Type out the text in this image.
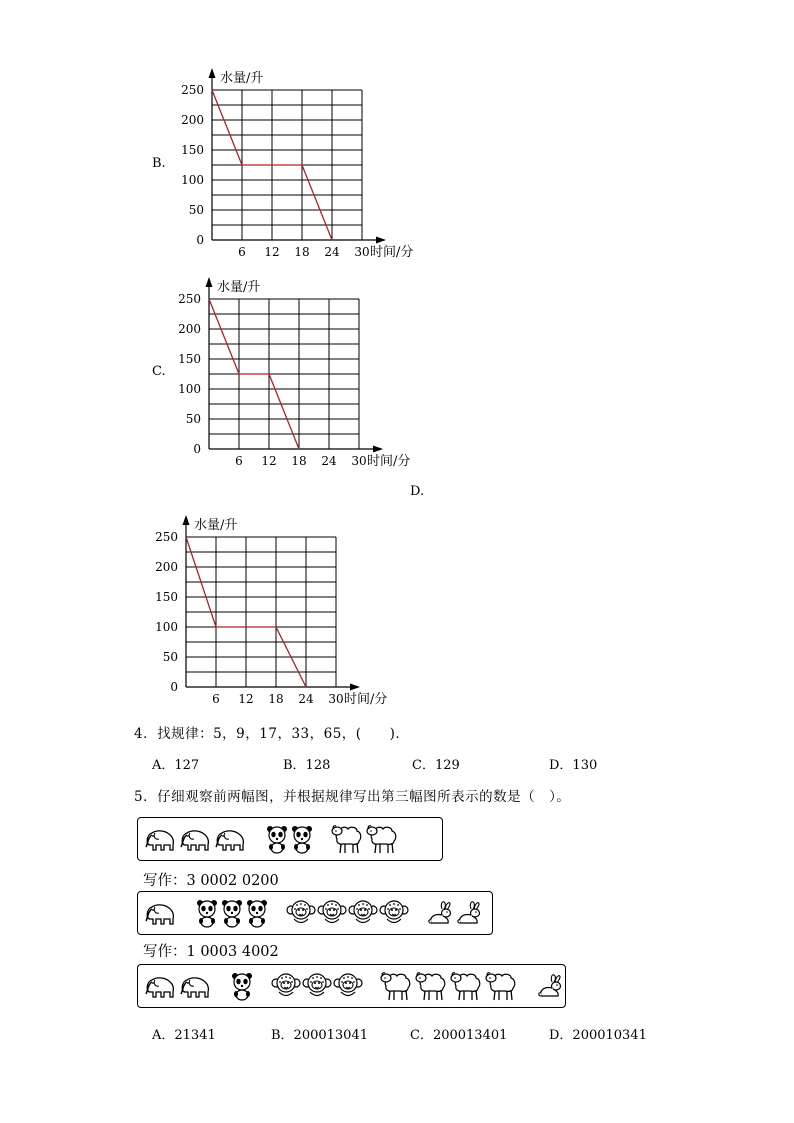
B.
250
200
150
100
50
0
6 12 18 24 30
水量/升
时间/分
C.
250
200
150
100
50
0
6 12 18 24 30
水量/升
时间/分
D.
250
200
150
100
50
0
6 12 18 24 30
水量/升
时间/分
4．找规律：5，9，17，33，65，(　　)．
A．127	B．128	C．129	D．130
5．仔细观察前两幅图，并根据规律写出第三幅图所表示的数是（　）。
写作：3 0002 0200
写作：1 0003 4002
A．21341	B．200013041	C．200013401	D．200010341
